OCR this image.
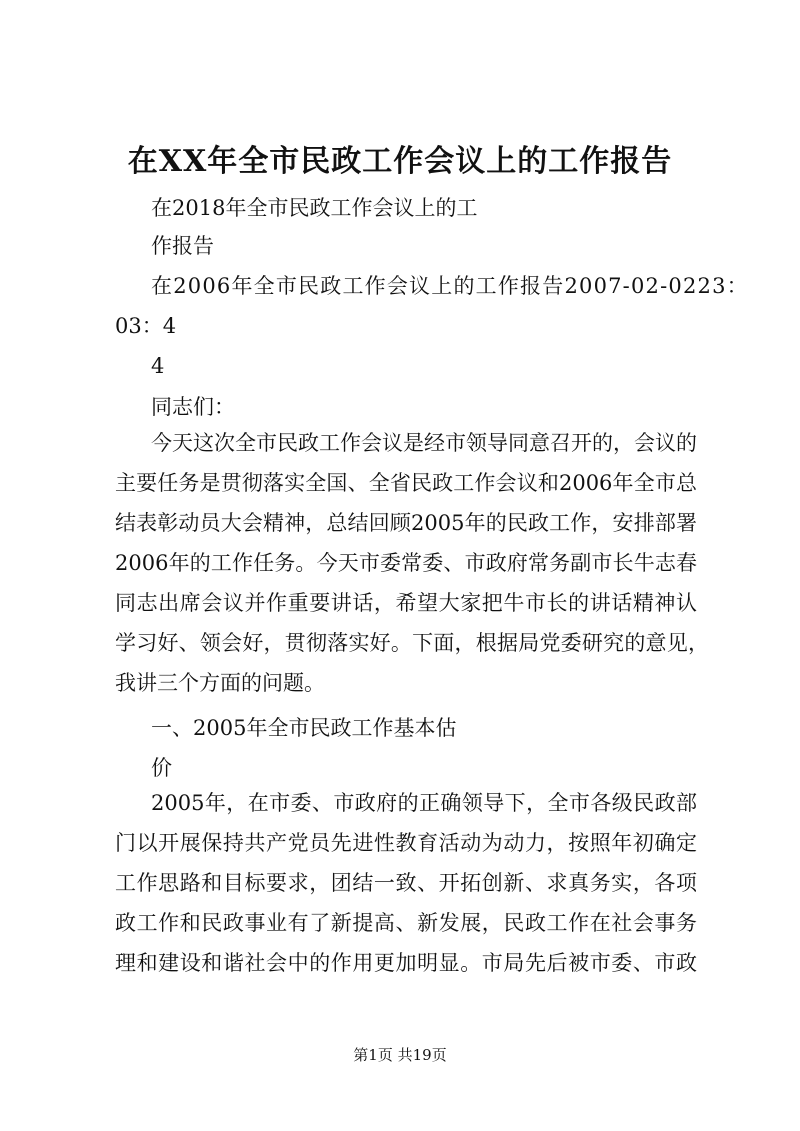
在XX年全市民政工作会议上的工作报告
在2018年全市民政工作会议上的工
作报告
在2006年全市民政工作会议上的工作报告2007-02-0223：
03：4
4
同志们：
今天这次全市民政工作会议是经市领导同意召开的，会议的
主要任务是贯彻落实全国、全省民政工作会议和2006年全市总
结表彰动员大会精神，总结回顾2005年的民政工作，安排部署
2006年的工作任务。今天市委常委、市政府常务副市长牛志春
同志出席会议并作重要讲话，希望大家把牛市长的讲话精神认
学习好、领会好，贯彻落实好。下面，根据局党委研究的意见，
我讲三个方面的问题。
一、2005年全市民政工作基本估
价
2005年，在市委、市政府的正确领导下，全市各级民政部
门以开展保持共产党员先进性教育活动为动力，按照年初确定
工作思路和目标要求，团结一致、开拓创新、求真务实，各项
政工作和民政事业有了新提高、新发展，民政工作在社会事务
理和建设和谐社会中的作用更加明显。市局先后被市委、市政
第1页 共19页
